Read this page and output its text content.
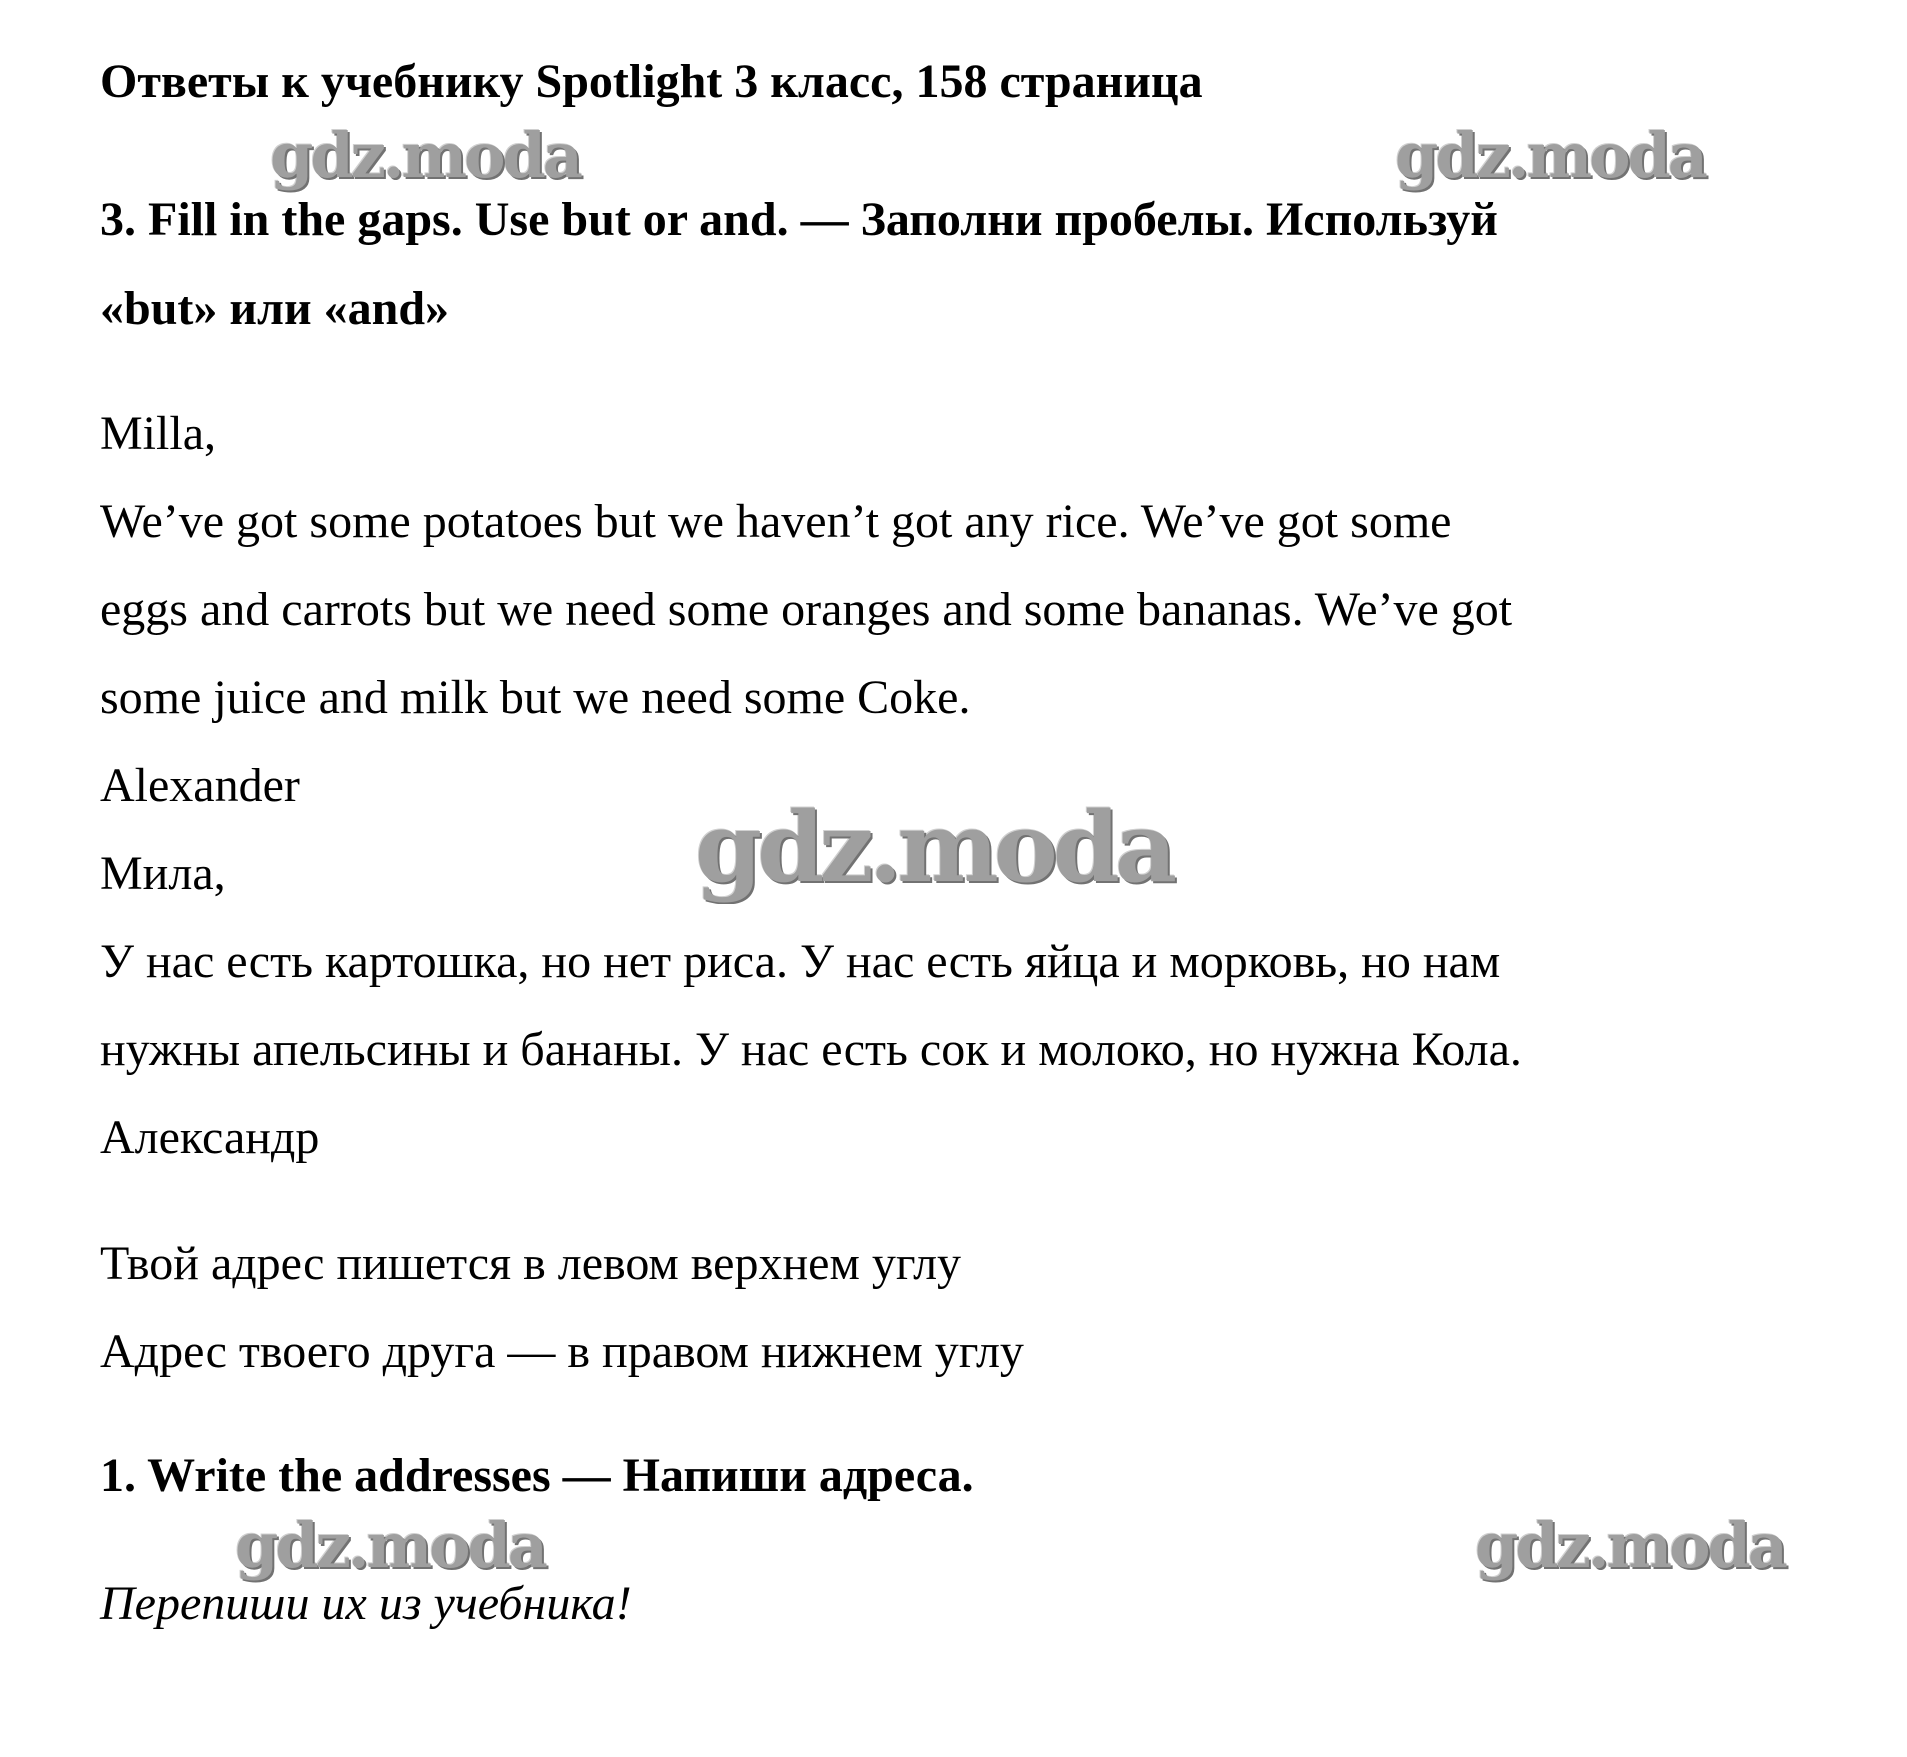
Ответы к учебнику Spotlight 3 класс, 158 страница
3. Fill in the gaps. Use but or and. — Заполни пробелы. Используй
«but» или «and»
Milla,
We’ve got some potatoes but we haven’t got any rice. We’ve got some
eggs and carrots but we need some oranges and some bananas. We’ve got
some juice and milk but we need some Coke.
Alexander
Мила,
У нас есть картошка, но нет риса. У нас есть яйца и морковь, но нам
нужны апельсины и бананы. У нас есть сок и молоко, но нужна Кола.
Александр
Твой адрес пишется в левом верхнем углу
Адрес твоего друга — в правом нижнем углу
1. Write the addresses — Напиши адреса.
Перепиши их из учебника!
gdz.moda	gdz.moda
gdz.moda
gdz.moda	gdz.moda
